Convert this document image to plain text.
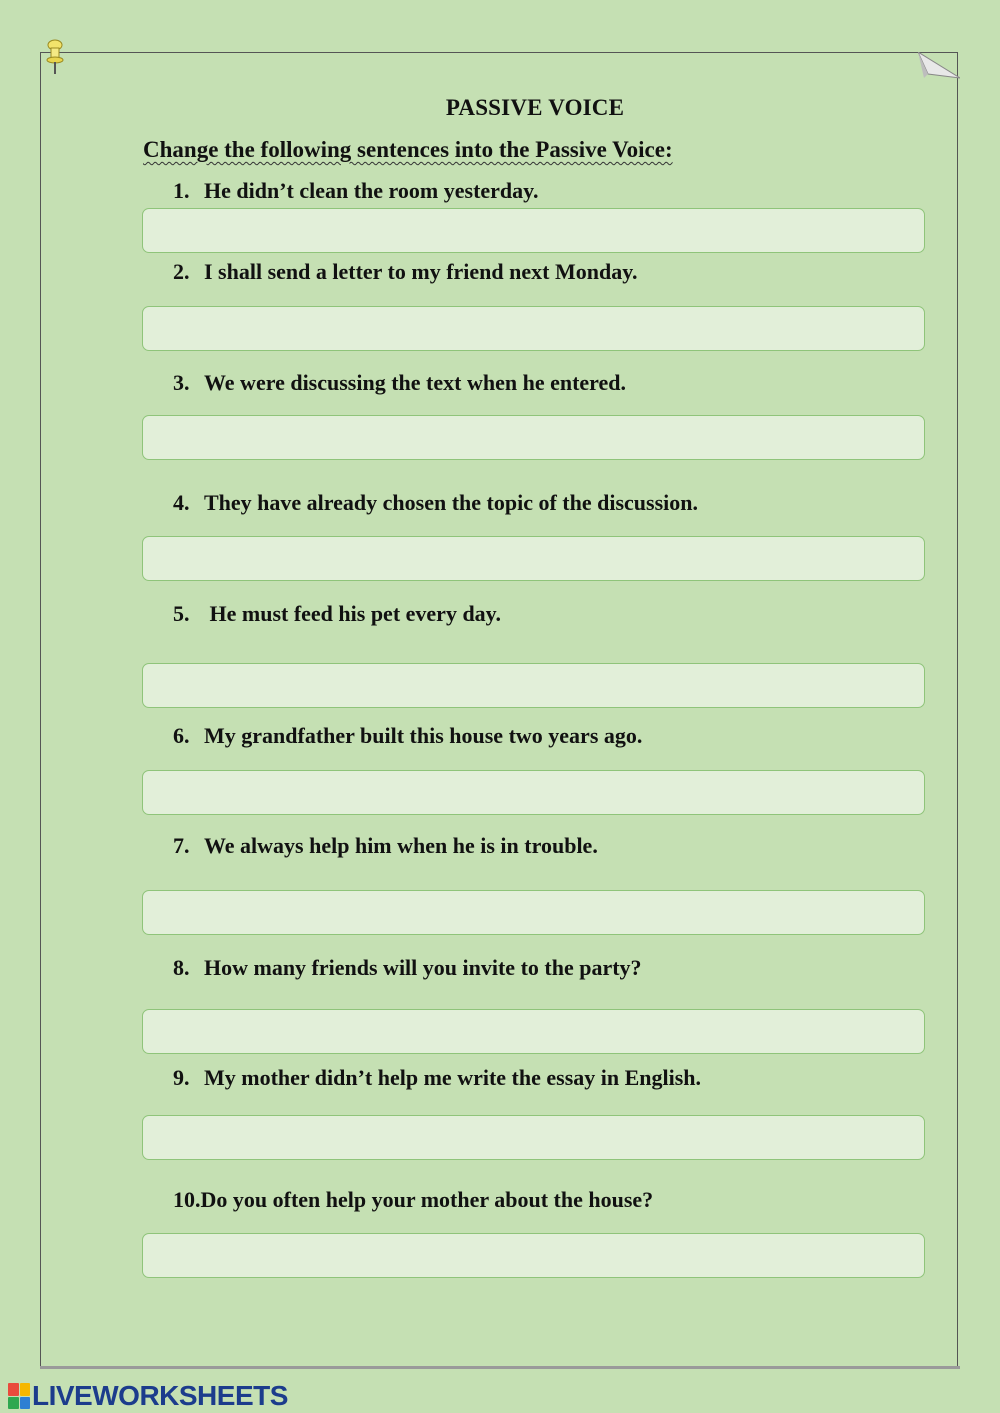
PASSIVE VOICE
Change the following sentences into the Passive Voice:
1. He didn’t clean the room yesterday.
2. I shall send a letter to my friend next Monday.
3. We were discussing the text when he entered.
4. They have already chosen the topic of the discussion.
5. He must feed his pet every day.
6. My grandfather built this house two years ago.
7. We always help him when he is in trouble.
8. How many friends will you invite to the party?
9. My mother didn’t help me write the essay in English.
10.Do you often help your mother about the house?
LIVEWORKSHEETS
